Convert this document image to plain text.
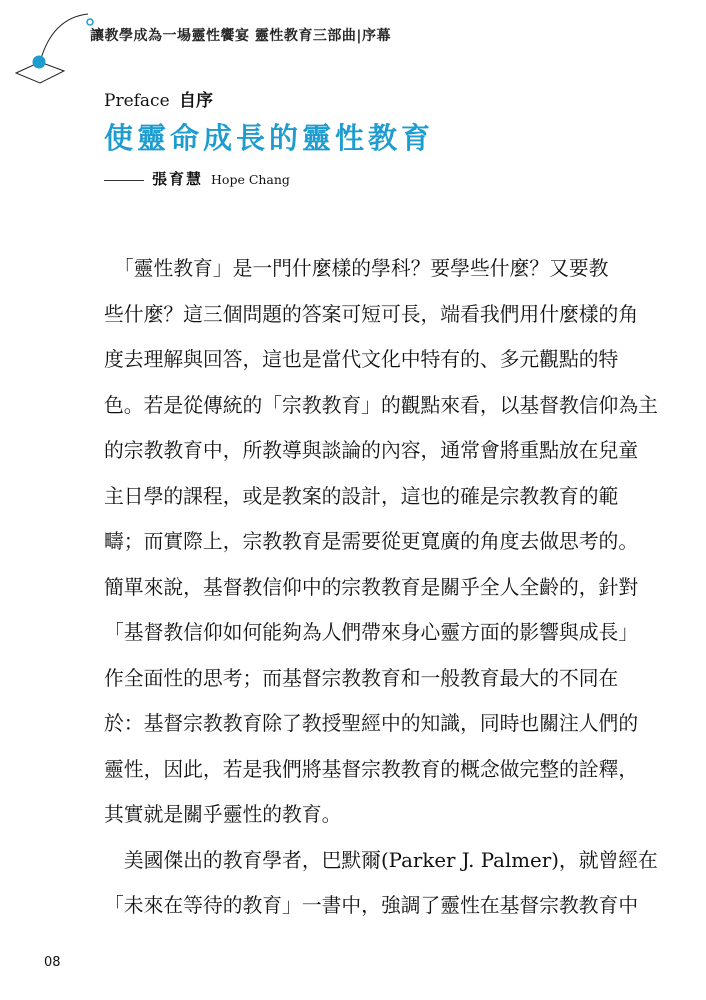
讓教學成為一場靈性饗宴 靈性教育三部曲|序幕
Preface 自序
使靈命成長的靈性教育
張育慧 Hope Chang
　「靈性教育」是一門什麼樣的學科？要學些什麼？又要教
些什麼？這三個問題的答案可短可長，端看我們用什麼樣的角
度去理解與回答，這也是當代文化中特有的、多元觀點的特
色。若是從傳統的「宗教教育」的觀點來看，以基督教信仰為主
的宗教教育中，所教導與談論的內容，通常會將重點放在兒童
主日學的課程，或是教案的設計，這也的確是宗教教育的範
疇；而實際上，宗教教育是需要從更寬廣的角度去做思考的。
簡單來說，基督教信仰中的宗教教育是關乎全人全齡的，針對
「基督教信仰如何能夠為人們帶來身心靈方面的影響與成長」
作全面性的思考；而基督宗教教育和一般教育最大的不同在
於：基督宗教教育除了教授聖經中的知識，同時也關注人們的
靈性，因此，若是我們將基督宗教教育的概念做完整的詮釋，
其實就是關乎靈性的教育。
　美國傑出的教育學者，巴默爾(Parker J. Palmer)，就曾經在
「未來在等待的教育」一書中，強調了靈性在基督宗教教育中
08
